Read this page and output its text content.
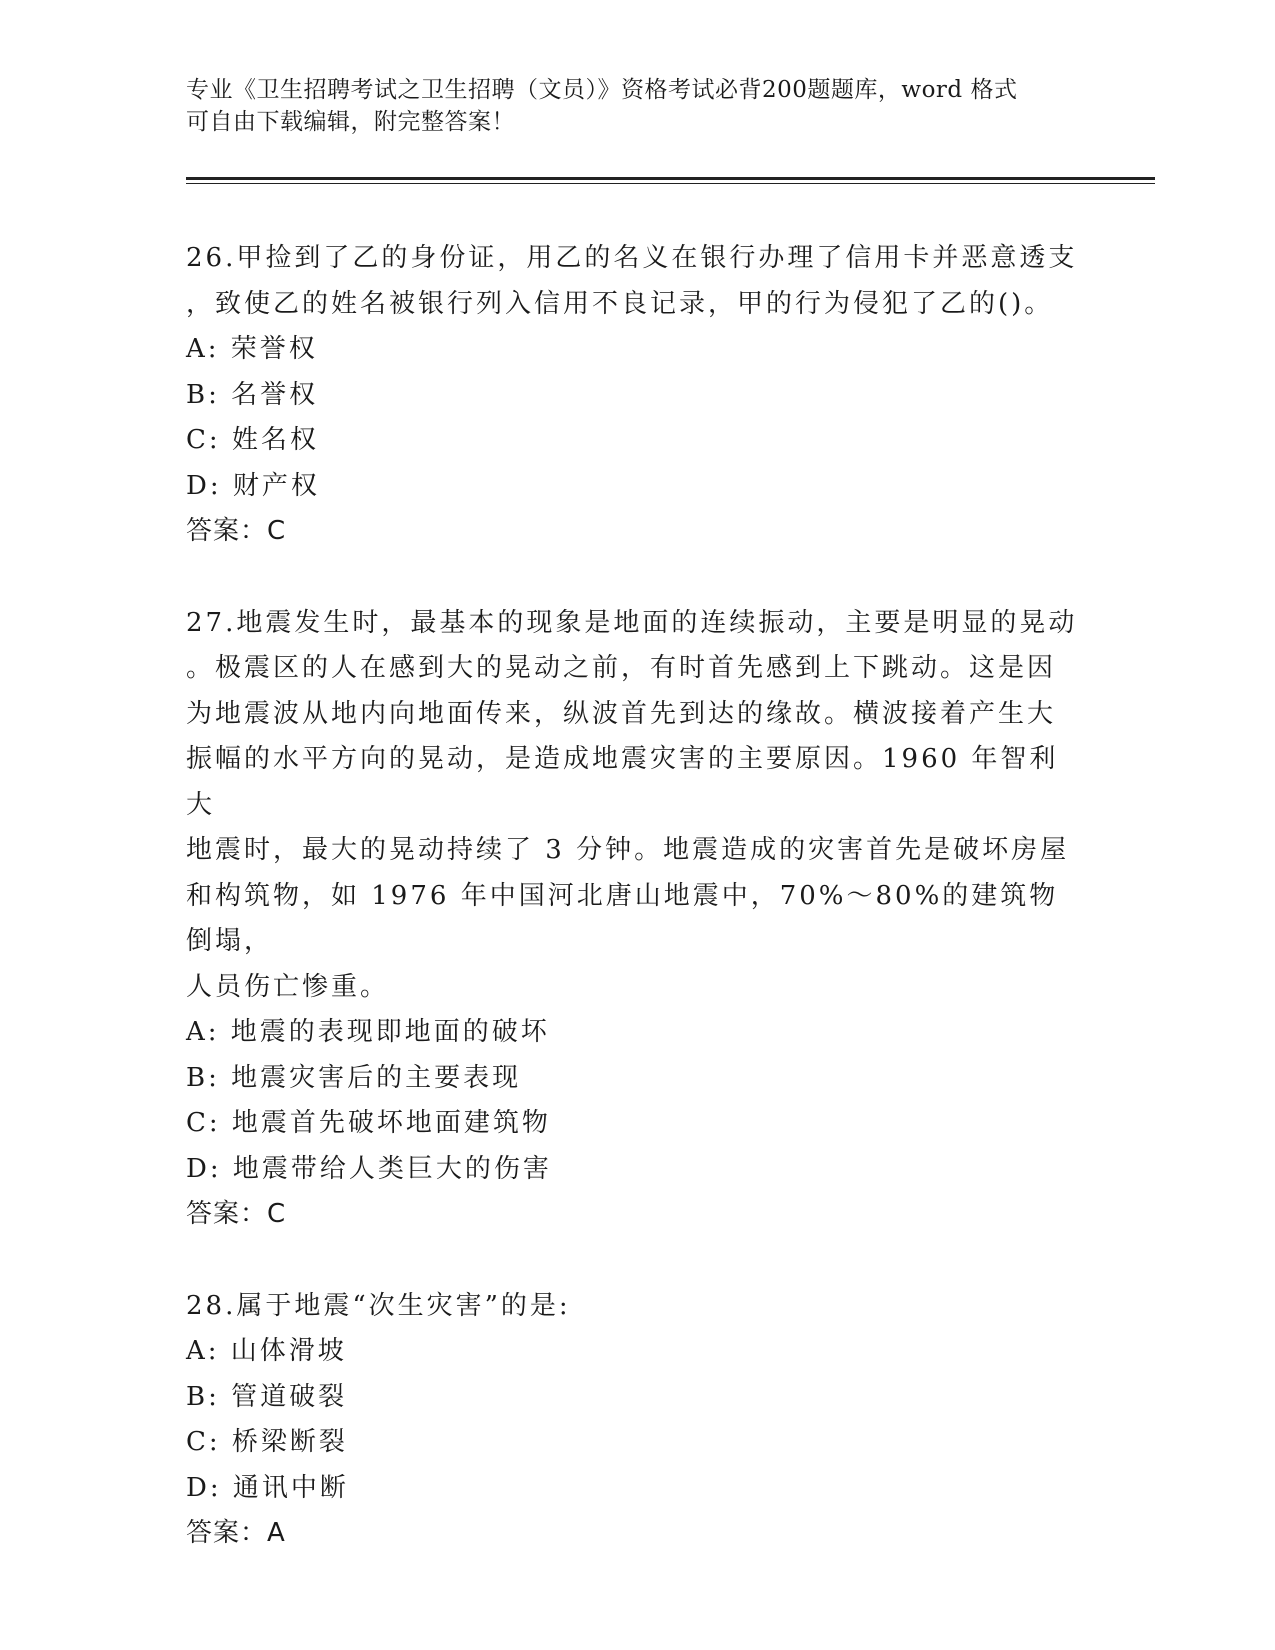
专业《卫生招聘考试之卫生招聘（文员）》资格考试必背200题题库，word 格式
可自由下载编辑，附完整答案！

26.甲捡到了乙的身份证，用乙的名义在银行办理了信用卡并恶意透支

，致使乙的姓名被银行列入信用不良记录，甲的行为侵犯了乙的()。

A: 荣誉权

B: 名誉权

C: 姓名权

D: 财产权

答案：C

27.地震发生时，最基本的现象是地面的连续振动，主要是明显的晃动

。极震区的人在感到大的晃动之前，有时首先感到上下跳动。这是因

为地震波从地内向地面传来，纵波首先到达的缘故。横波接着产生大

振幅的水平方向的晃动，是造成地震灾害的主要原因。1960 年智利大

地震时，最大的晃动持续了 3 分钟。地震造成的灾害首先是破坏房屋

和构筑物，如 1976 年中国河北唐山地震中，70%～80%的建筑物倒塌，

人员伤亡惨重。

A: 地震的表现即地面的破坏

B: 地震灾害后的主要表现

C: 地震首先破坏地面建筑物

D: 地震带给人类巨大的伤害

答案：C

28.属于地震“次生灾害”的是:

A: 山体滑坡

B: 管道破裂

C: 桥梁断裂

D: 通讯中断

答案：A
